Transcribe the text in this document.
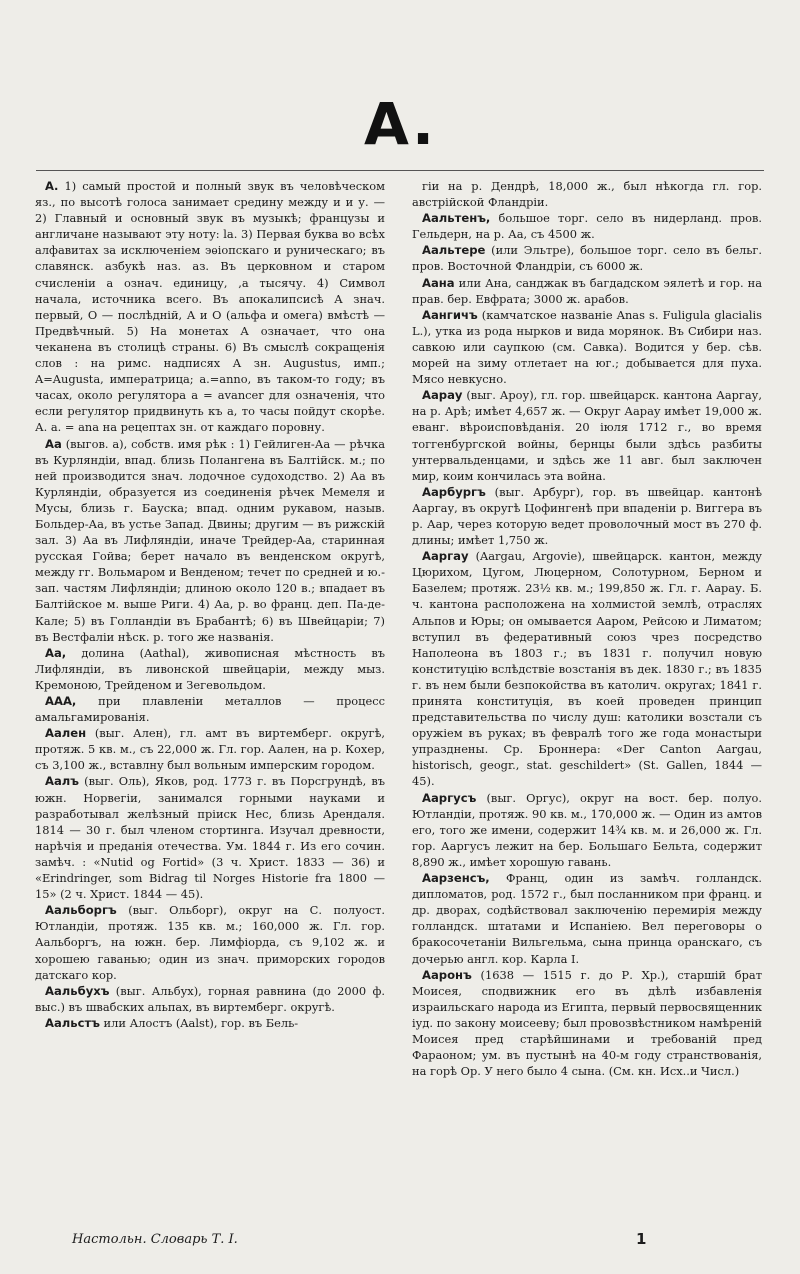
A.

А. 1) самый простой и полный звук въ человѣческом яз., по высотѣ голоса занимает средину между и и у. — 2) Главный и основный звук въ музыкѣ; французы и англичане называют эту ноту: la. 3) Первая буква во всѣх алфавитах за исключеніем эѳіопскаго и руническаго; въ славянск. азбукѣ наз. аз. Въ церковном и старом счисленіи а означ. единицу, ,а тысячу. 4) Символ начала, источника всего. Въ апокалипсисѣ А знач. первый, О — послѣдній, А и О (альфа и омега) вмѣстѣ — Предвѣчный. 5) На монетах А означает, что она чеканена въ столицѣ страны. 6) Въ смыслѣ сокращенія слов : на римс. надписях А зн. Augustus, имп.; A=Augusta, императрица; a.=anno, въ таком-то году; въ часах, около регулятора a = avancer для означенія, что если регулятор придвинуть къ a, то часы пойдут скорѣе. А. a. = ana на рецептах зн. от каждаго поровну.

Аа (выгов. а), собств. имя рѣк : 1) Гейлиген-Аа — рѣчка въ Курляндіи, впад. близь Полангена въ Балтійск. м.; по ней производится знач. лодочное судоходство. 2) Аа въ Курляндіи, образуется из соединенія рѣчек Мемеля и Мусы, близь г. Бауска; впад. одним рукавом, назыв. Больдер-Аа, въ устье Запад. Двины; другим — въ рижскій зал. 3) Аа въ Лифляндіи, иначе Трейдер-Аа, старинная русская Гойва; берет начало въ венденском округѣ, между гг. Вольмаром и Венденом; течет по средней и ю.-зап. частям Лифляндіи; длиною около 120 в.; впадает въ Балтійское м. выше Риги. 4) Аа, р. во франц. деп. Па-де-Кале; 5) въ Голландіи въ Брабантѣ; 6) въ Швейцаріи; 7) въ Вестфаліи нѣск. р. того же названія.

Аа, долина (Aathal), живописная мѣстность въ Лифляндіи, въ ливонской швейцаріи, между мыз. Кремоною, Трейденом и Зегевольдом.

ААА, при плавленіи металлов — процесс амальгамированія.

Аален (выг. Ален), гл. амт въ виртемберг. округѣ, протяж. 5 кв. м., съ 22,000 ж. Гл. гор. Аален, на р. Кохер, съ 3,100 ж., вставлну был вольным имперским городом.

Аалъ (выг. Оль), Яков, род. 1773 г. въ Порсгрундѣ, въ южн. Норвегіи, занимался горными науками и разработывал желѣзный пріиск Нес, близь Арендаля. 1814 — 30 г. был членом стортинга. Изучал древности, нарѣчія и преданія отечества. Ум. 1844 г. Из его сочин. замѣч. : «Nutid og Fortid» (3 ч. Христ. 1833 — 36) и «Erindringer, som Bidrag til Norges Historie fra 1800 — 15» (2 ч. Христ. 1844 — 45).

Аальборгъ (выг. Ольборг), округ на С. полуост. Ютландіи, протяж. 135 кв. м.; 160,000 ж. Гл. гор. Аальборгъ, на южн. бер. Лимфіорда, съ 9,102 ж. и хорошею гаванью; один из знач. приморских городов датскаго кор.

Аальбухъ (выг. Альбух), горная равнина (до 2000 ф. выс.) въ швабских альпах, въ виртемберг. округѣ.

Аальстъ или Алостъ (Aalst), гор. въ Бель-

гіи на р. Дендрѣ, 18,000 ж., был нѣкогда гл. гор. австрійской Фландріи.

Аальтенъ, большое торг. село въ нидерланд. пров. Гельдерн, на р. Аа, съ 4500 ж.

Аальтере (или Эльтре), большое торг. село въ бельг. пров. Восточной Фландріи, съ 6000 ж.

Аана или Ана, санджак въ багдадском эялетѣ и гор. на прав. бер. Евфрата; 3000 ж. арабов.

Аангичъ (камчатское названіе Anas s. Fuligula glacialis L.), утка из рода нырков и вида морянок. Въ Сибири наз. савкою или саупкою (см. Савка). Водится у бер. сѣв. морей на зиму отлетает на юг.; добывается для пуха. Мясо невкусно.

Аарау (выг. Ароу), гл. гор. швейцарск. кантона Ааргау, на р. Арѣ; имѣет 4,657 ж. — Округ Аарау имѣет 19,000 ж. еванг. вѣроисповѣданія. 20 іюля 1712 г., во время тоггенбургской войны, бернцы были здѣсь разбиты унтервальденцами, и здѣсь же 11 авг. был заключен мир, коим кончилась эта война.

Аарбургъ (выг. Арбург), гор. въ швейцар. кантонѣ Ааргау, въ округѣ Цофингенѣ при впаденіи р. Виггера въ р. Аар, через которую ведет проволочный мост въ 270 ф. длины; имѣет 1,750 ж.

Ааргау (Aargau, Argovie), швейцарск. кантон, между Цюрихом, Цугом, Люцерном, Солотурном, Берном и Базелем; протяж. 23½ кв. м.; 199,850 ж. Гл. г. Аарау. Б. ч. кантона расположена на холмистой землѣ, отраслях Альпов и Юры; он омывается Ааром, Рейсою и Лиматом; вступил въ федеративный союз чрез посредство Наполеона въ 1803 г.; въ 1831 г. получил новую конституцію вслѣдствіе возстанія въ дек. 1830 г.; въ 1835 г. въ нем были безпокойства въ католич. округах; 1841 г. принята конституція, въ коей проведен принцип представительства по числу душ: католики возстали съ оружіем въ руках; въ февралѣ того же года монастыри упразднены. Ср. Броннера: «Der Canton Aargau, historisch, geogr., stat. geschildert» (St. Gallen, 1844 — 45).

Ааргусъ (выг. Оргус), округ на вост. бер. полуо. Ютландіи, протяж. 90 кв. м., 170,000 ж. — Один из амтов его, того же имени, содержит 14¾ кв. м. и 26,000 ж. Гл. гор. Ааргусъ лежит на бер. Большаго Бельта, содержит 8,890 ж., имѣет хорошую гавань.

Аарзенсъ, Франц, один из замѣч. голландск. дипломатов, род. 1572 г., был посланником при франц. и др. дворах, содѣйствовал заключенію перемирія между голландск. штатами и Испаніею. Вел переговоры о бракосочетаніи Вильгельма, сына принца оранскаго, съ дочерью англ. кор. Карла I.

Ааронъ (1638 — 1515 г. до Р. Хр.), старшій брат Моисея, сподвижник его въ дѣлѣ избавленія израильскаго народа из Египта, первый первосвященник іуд. по закону моисееву; был провозвѣстником намѣреній Моисея пред старѣйшинами и требованій пред Фараоном; ум. въ пустынѣ на 40-м году странствованія, на горѣ Ор. У него было 4 сына. (См. кн. Исх..и Числ.)

Настольн. Словарь Т. I.	1
